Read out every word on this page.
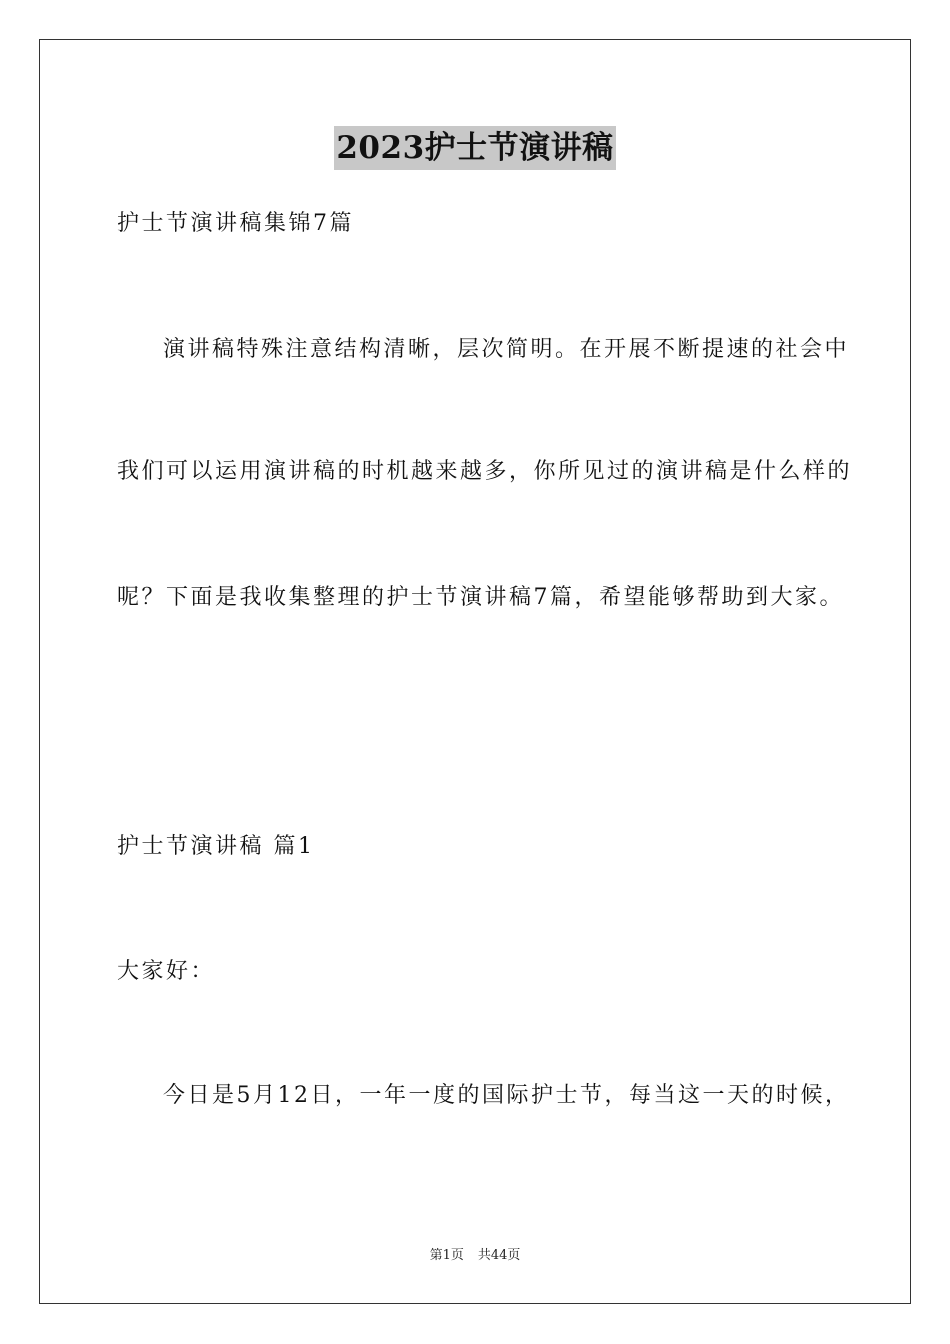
2023护士节演讲稿
护士节演讲稿集锦7篇
演讲稿特殊注意结构清晰，层次简明。在开展不断提速的社会中
我们可以运用演讲稿的时机越来越多，你所见过的演讲稿是什么样的
呢？下面是我收集整理的护士节演讲稿7篇，希望能够帮助到大家。
护士节演讲稿 篇1
大家好：
今日是5月12日，一年一度的国际护士节，每当这一天的时候，
第1页 共44页
